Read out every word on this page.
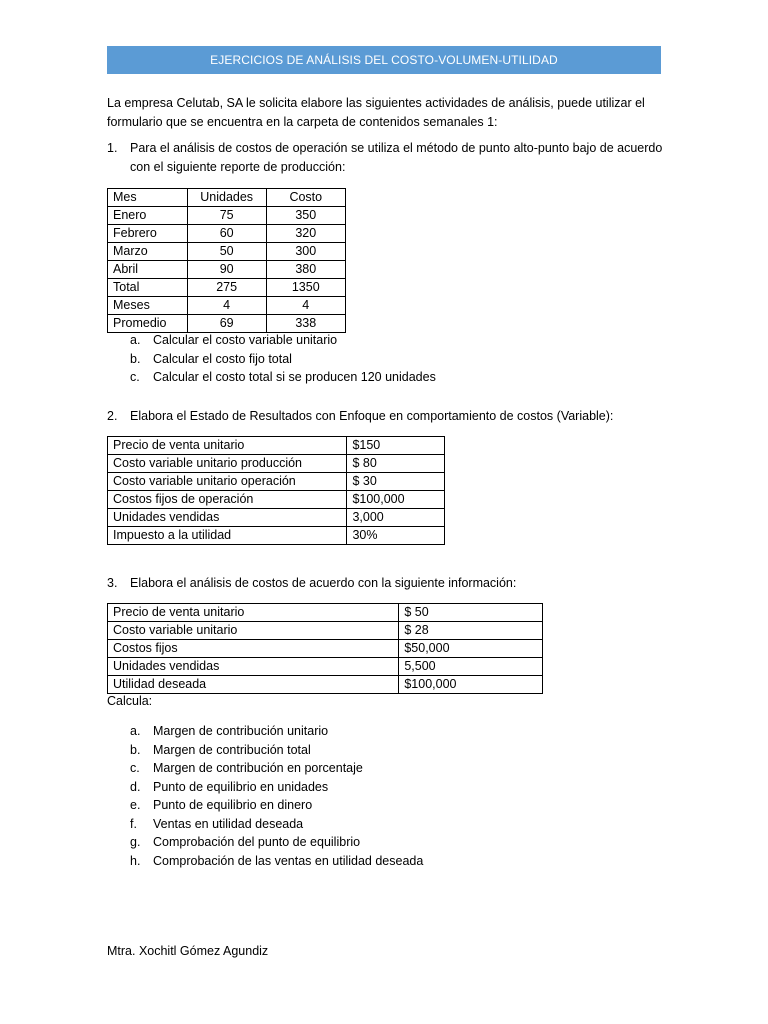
EJERCICIOS DE ANÁLISIS DEL COSTO-VOLUMEN-UTILIDAD
La empresa Celutab, SA le solicita elabore las siguientes actividades de análisis, puede utilizar el formulario que se encuentra en la carpeta de contenidos semanales 1:
1. Para el análisis de costos de operación se utiliza el método de punto alto-punto bajo de acuerdo con el siguiente reporte de producción:
Mes	Unidades	Costo
Enero	75	350
Febrero	60	320
Marzo	50	300
Abril	90	380
Total	275	1350
Meses	4	4
Promedio	69	338
a. Calcular el costo variable unitario
b. Calcular el costo fijo total
c. Calcular el costo total si se producen 120 unidades
2. Elabora el Estado de Resultados con Enfoque en comportamiento de costos (Variable):
Precio de venta unitario	$150
Costo variable unitario producción	$ 80
Costo variable unitario operación	$ 30
Costos fijos de operación	$100,000
Unidades vendidas	3,000
Impuesto a la utilidad	30%
3. Elabora el análisis de costos de acuerdo con la siguiente información:
Precio de venta unitario	$ 50
Costo variable unitario	$ 28
Costos fijos	$50,000
Unidades vendidas	5,500
Utilidad deseada	$100,000
Calcula:
a. Margen de contribución unitario
b. Margen de contribución total
c. Margen de contribución en porcentaje
d. Punto de equilibrio en unidades
e. Punto de equilibrio en dinero
f. Ventas en utilidad deseada
g. Comprobación del punto de equilibrio
h. Comprobación de las ventas en utilidad deseada
Mtra. Xochitl Gómez Agundiz
